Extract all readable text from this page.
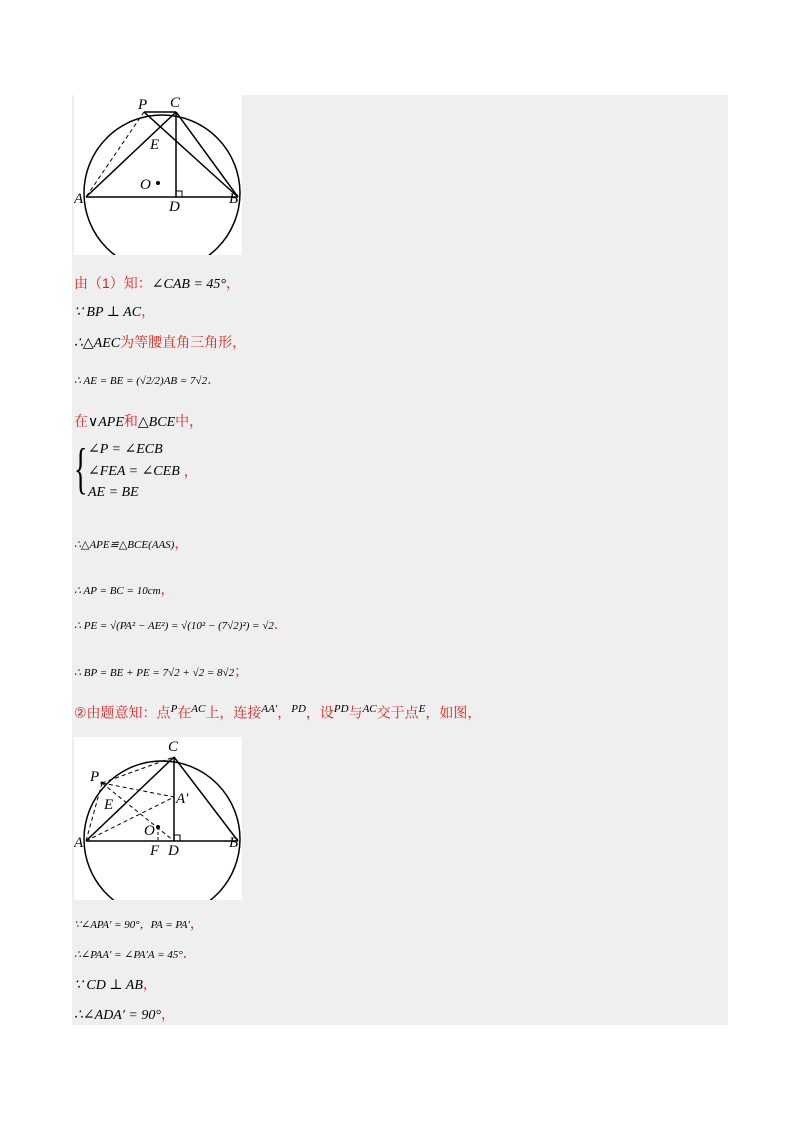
P C
E
O
A	D	B
由（1）知：∠CAB = 45°，
∵ BP ⊥ AC，
∴△AEC为等腰直角三角形，
∴ AE = BE = (√2/2)AB = 7√2．
在∨APE和△BCE中，
{ ∠P = ∠ECB
∠FEA = ∠CEB
AE = BE
，
∴△APE≌△BCE(AAS)，
∴ AP = BC = 10cm，
∴ PE = √(PA² − AE²) = √(10² − (7√2)²) = √2．
∴ BP = BE + PE = 7√2 + √2 = 8√2；
②由题意知：点$^P$在$^{AC}$上，连接$^{AA'}$，$^{PD}$，设$^{PD}$与$^{AC}$交于点$^E$，如图，
C
P
E	A′
O
A	F D	B
∵∠APA′ = 90°，PA = PA′，
∴∠PAA′ = ∠PA′A = 45°．
∵ CD ⊥ AB，
∴∠ADA′ = 90°，
